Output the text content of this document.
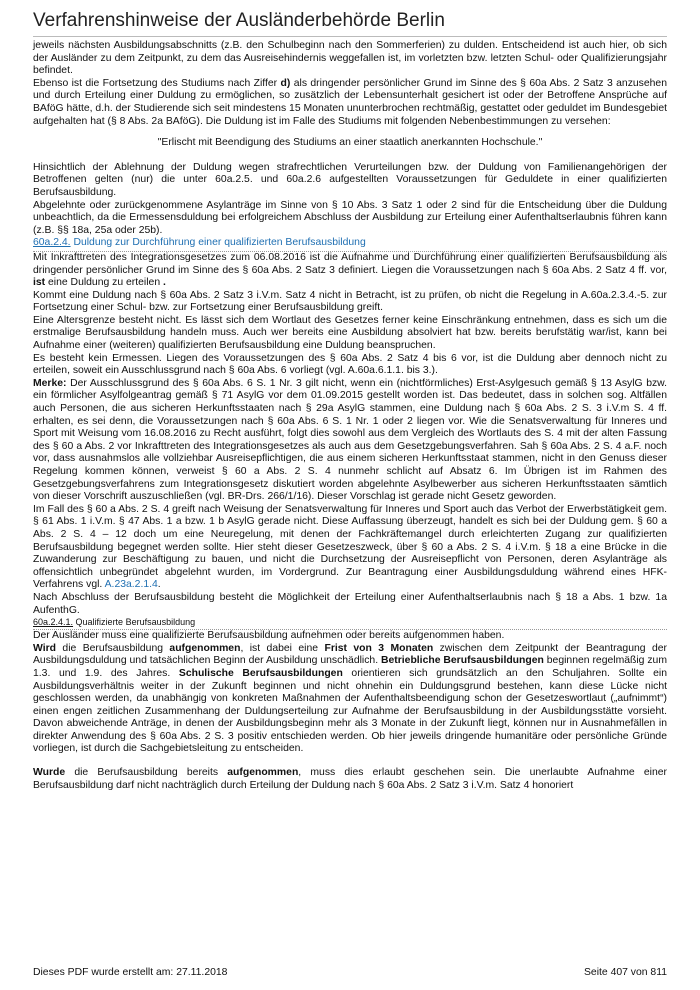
Verfahrenshinweise der Ausländerbehörde Berlin

jeweils nächsten Ausbildungsabschnitts (z.B. den Schulbeginn nach den Sommerferien) zu dulden. Entscheidend ist auch hier, ob sich der Ausländer zu dem Zeitpunkt, zu dem das Ausreisehindernis weggefallen ist, im vorletzten bzw. letzten Schul- oder Qualifizierungsjahr befindet.

Ebenso ist die Fortsetzung des Studiums nach Ziffer d) als dringender persönlicher Grund im Sinne des § 60a Abs. 2 Satz 3 anzusehen und durch Erteilung einer Duldung zu ermöglichen, so zusätzlich der Lebensunterhalt gesichert ist oder der Betroffene Ansprüche auf BAföG hätte, d.h. der Studierende sich seit mindestens 15 Monaten ununterbrochen rechtmäßig, gestattet oder geduldet im Bundesgebiet aufgehalten hat (§ 8 Abs. 2a BAföG). Die Duldung ist im Falle des Studiums mit folgenden Nebenbestimmungen zu versehen:

"Erlischt mit Beendigung des Studiums an einer staatlich anerkannten Hochschule."

Hinsichtlich der Ablehnung der Duldung wegen strafrechtlichen Verurteilungen bzw. der Duldung von Familienangehörigen der Betroffenen gelten (nur) die unter 60a.2.5. und 60a.2.6 aufgestellten Voraussetzungen für Geduldete in einer qualifizierten Berufsausbildung.

Abgelehnte oder zurückgenommene Asylanträge im Sinne von § 10 Abs. 3 Satz 1 oder 2 sind für die Entscheidung über die Duldung unbeachtlich, da die Ermessensduldung bei erfolgreichem Abschluss der Ausbildung zur Erteilung einer Aufenthaltserlaubnis führen kann (z.B. §§ 18a, 25a oder 25b).

60a.2.4. Duldung zur Durchführung einer qualifizierten Berufsausbildung

Mit Inkrafttreten des Integrationsgesetzes zum 06.08.2016 ist die Aufnahme und Durchführung einer qualifizierten Berufsausbildung als dringender persönlicher Grund im Sinne des § 60a Abs. 2 Satz 3 definiert. Liegen die Voraussetzungen nach § 60a Abs. 2 Satz 4 ff. vor, ist eine Duldung zu erteilen .

Kommt eine Duldung nach § 60a Abs. 2 Satz 3 i.V.m. Satz 4 nicht in Betracht, ist zu prüfen, ob nicht die Regelung in A.60a.2.3.4.-5. zur Fortsetzung einer Schul- bzw. zur Fortsetzung einer Berufsausbildung greift.

Eine Altersgrenze besteht nicht. Es lässt sich dem Wortlaut des Gesetzes ferner keine Einschränkung entnehmen, dass es sich um die erstmalige Berufsausbildung handeln muss. Auch wer bereits eine Ausbildung absolviert hat bzw. bereits berufstätig war/ist, kann bei Aufnahme einer (weiteren) qualifizierten Berufsausbildung eine Duldung beanspruchen.

Es besteht kein Ermessen. Liegen des Voraussetzungen des § 60a Abs. 2 Satz 4 bis 6 vor, ist die Duldung aber dennoch nicht zu erteilen, soweit ein Ausschlussgrund nach § 60a Abs. 6 vorliegt (vgl. A.60a.6.1.1. bis 3.).

Merke: Der Ausschlussgrund des § 60a Abs. 6 S. 1 Nr. 3 gilt nicht, wenn ein (nichtförmliches) Erst-Asylgesuch gemäß § 13 AsylG bzw. ein förmlicher Asylfolgeantrag gemäß § 71 AsylG vor dem 01.09.2015 gestellt worden ist. Das bedeutet, dass in solchen sog. Altfällen auch Personen, die aus sicheren Herkunftsstaaten nach § 29a AsylG stammen, eine Duldung nach § 60a Abs. 2 S. 3 i.V.m S. 4 ff. erhalten, es sei denn, die Voraussetzungen nach § 60a Abs. 6 S. 1 Nr. 1 oder 2 liegen vor. Wie die Senatsverwaltung für Inneres und Sport mit Weisung vom 16.08.2016 zu Recht ausführt, folgt dies sowohl aus dem Vergleich des Wortlauts des S. 4 mit der alten Fassung des § 60 a Abs. 2 vor Inkrafttreten des Integrationsgesetzes als auch aus dem Gesetzgebungsverfahren. Sah § 60a Abs. 2 S. 4 a.F. noch vor, dass ausnahmslos alle vollziehbar Ausreisepflichtigen, die aus einem sicheren Herkunftsstaat stammen, nicht in den Genuss dieser Regelung kommen können, verweist § 60 a Abs. 2 S. 4 nunmehr schlicht auf Absatz 6. Im Übrigen ist im Rahmen des Gesetzgebungsverfahrens zum Integrationsgesetz diskutiert worden abgelehnte Asylbewerber aus sicheren Herkunftsstaaten sämtlich von dieser Vorschrift auszuschließen (vgl. BR-Drs. 266/1/16). Dieser Vorschlag ist gerade nicht Gesetz geworden.

Im Fall des § 60 a Abs. 2 S. 4 greift nach Weisung der Senatsverwaltung für Inneres und Sport auch das Verbot der Erwerbstätigkeit gem. § 61 Abs. 1 i.V.m. § 47 Abs. 1 a bzw. 1 b AsylG gerade nicht. Diese Auffassung überzeugt, handelt es sich bei der Duldung gem. § 60 a Abs. 2 S. 4 – 12 doch um eine Neuregelung, mit denen der Fachkräftemangel durch erleichterten Zugang zur qualifizierten Berufsausbildung begegnet werden sollte. Hier steht dieser Gesetzeszweck, über § 60 a Abs. 2 S. 4 i.V.m. § 18 a eine Brücke in die Zuwanderung zur Beschäftigung zu bauen, und nicht die Durchsetzung der Ausreisepflicht von Personen, deren Asylanträge als offensichtlich unbegründet abgelehnt wurden, im Vordergrund. Zur Beantragung einer Ausbildungsduldung während eines HFK-Verfahrens vgl. A.23a.2.1.4.

Nach Abschluss der Berufsausbildung besteht die Möglichkeit der Erteilung einer Aufenthaltserlaubnis nach § 18 a Abs. 1 bzw. 1a AufenthG.

60a.2.4.1. Qualifizierte Berufsausbildung

Der Ausländer muss eine qualifizierte Berufsausbildung aufnehmen oder bereits aufgenommen haben.

Wird die Berufsausbildung aufgenommen, ist dabei eine Frist von 3 Monaten zwischen dem Zeitpunkt der Beantragung der Ausbildungsduldung und tatsächlichen Beginn der Ausbildung unschädlich. Betriebliche Berufsausbildungen beginnen regelmäßig zum 1.3. und 1.9. des Jahres. Schulische Berufsausbildungen orientieren sich grundsätzlich an den Schuljahren. Sollte ein Ausbildungsverhältnis weiter in der Zukunft beginnen und nicht ohnehin ein Duldungsgrund bestehen, kann diese Lücke nicht geschlossen werden, da unabhängig von konkreten Maßnahmen der Aufenthaltsbeendigung schon der Gesetzeswortlaut („aufnimmt“) einen engen zeitlichen Zusammenhang der Duldungserteilung zur Aufnahme der Berufsausbildung in der Ausbildungsstätte vorsieht. Davon abweichende Anträge, in denen der Ausbildungsbeginn mehr als 3 Monate in der Zukunft liegt, können nur in Ausnahmefällen in direkter Anwendung des § 60a Abs. 2 S. 3 positiv entschieden werden. Ob hier jeweils dringende humanitäre oder persönliche Gründe vorliegen, ist durch die Sachgebietsleitung zu entscheiden.

Wurde die Berufsausbildung bereits aufgenommen, muss dies erlaubt geschehen sein. Die unerlaubte Aufnahme einer Berufsausbildung darf nicht nachträglich durch Erteilung der Duldung nach § 60a Abs. 2 Satz 3 i.V.m. Satz 4 honoriert

Dieses PDF wurde erstellt am: 27.11.2018	Seite 407 von 811
